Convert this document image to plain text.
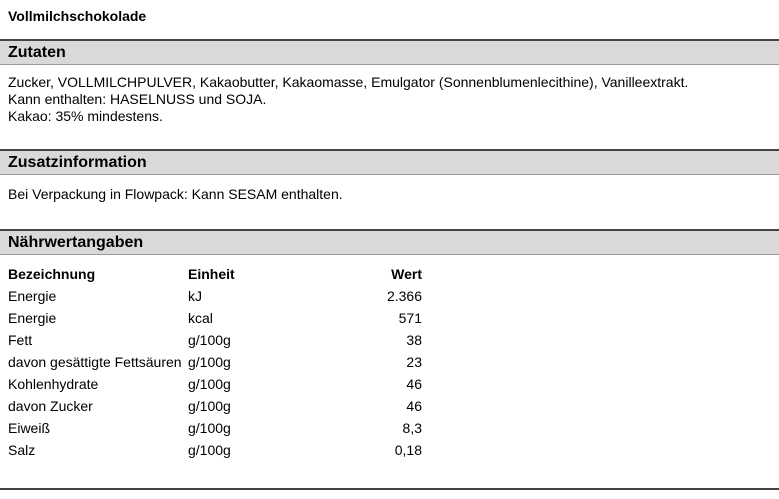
Vollmilchschokolade
Zutaten
Zucker, VOLLMILCHPULVER, Kakaobutter, Kakaomasse, Emulgator (Sonnenblumenlecithine), Vanilleextrakt.
Kann enthalten: HASELNUSS und SOJA.
Kakao: 35% mindestens.
Zusatzinformation
Bei Verpackung in Flowpack: Kann SESAM enthalten.
Nährwertangaben
Bezeichnung	Einheit	Wert
Energie	kJ	2.366
Energie	kcal	571
Fett	g/100g	38
davon gesättigte Fettsäuren	g/100g	23
Kohlenhydrate	g/100g	46
davon Zucker	g/100g	46
Eiweiß	g/100g	8,3
Salz	g/100g	0,18
